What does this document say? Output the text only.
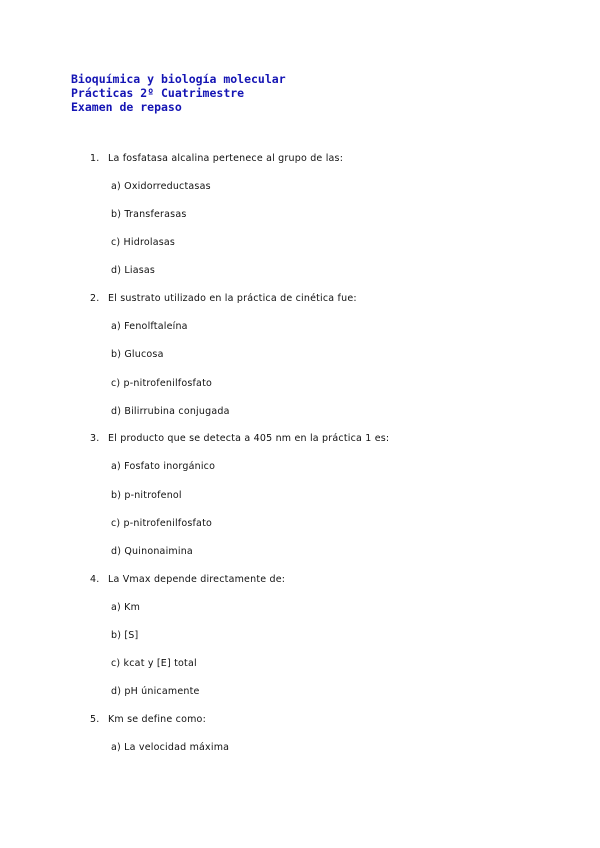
Bioquímica y biología molecular
Prácticas 2º Cuatrimestre
Examen de repaso
1. La fosfatasa alcalina pertenece al grupo de las:
a) Oxidorreductasas
b) Transferasas
c) Hidrolasas
d) Liasas
2. El sustrato utilizado en la práctica de cinética fue:
a) Fenolftaleína
b) Glucosa
c) p-nitrofenilfosfato
d) Bilirrubina conjugada
3. El producto que se detecta a 405 nm en la práctica 1 es:
a) Fosfato inorgánico
b) p-nitrofenol
c) p-nitrofenilfosfato
d) Quinonaimina
4. La Vmax depende directamente de:
a) Km
b) [S]
c) kcat y [E] total
d) pH únicamente
5. Km se define como:
a) La velocidad máxima
